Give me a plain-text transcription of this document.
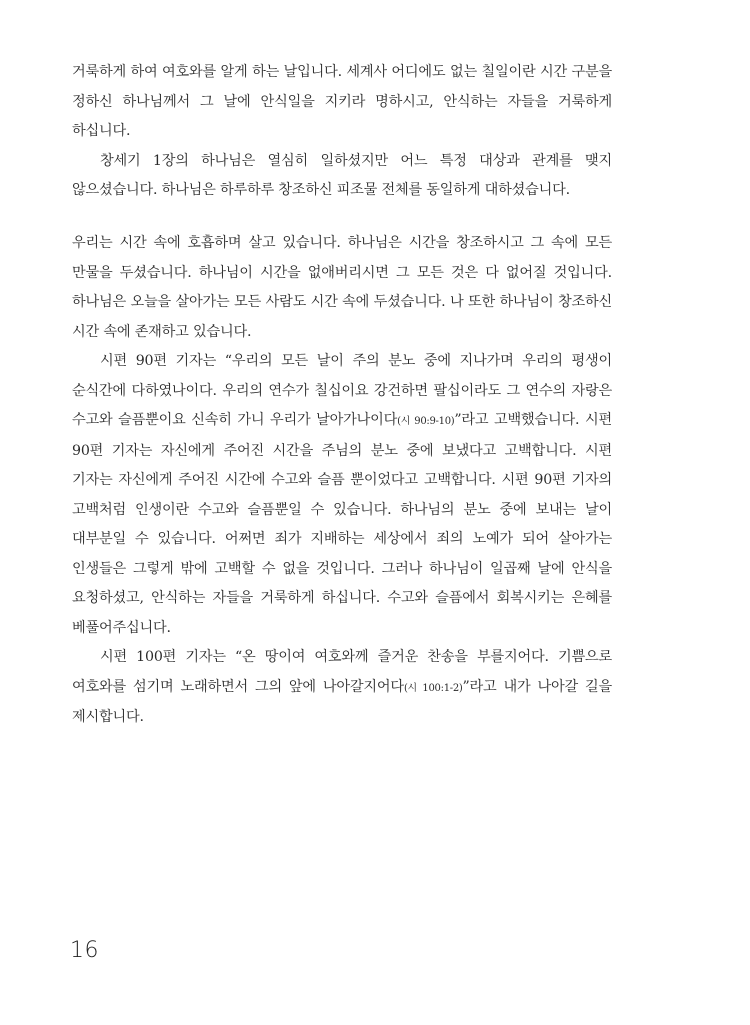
거룩하게 하여 여호와를 알게 하는 날입니다. 세계사 어디에도 없는 칠일이란 시간 구분을 정하신 하나님께서 그 날에 안식일을 지키라 명하시고, 안식하는 자들을 거룩하게 하십니다.

창세기 1장의 하나님은 열심히 일하셨지만 어느 특정 대상과 관계를 맺지 않으셨습니다. 하나님은 하루하루 창조하신 피조물 전체를 동일하게 대하셨습니다.

우리는 시간 속에 호흡하며 살고 있습니다. 하나님은 시간을 창조하시고 그 속에 모든 만물을 두셨습니다. 하나님이 시간을 없애버리시면 그 모든 것은 다 없어질 것입니다. 하나님은 오늘을 살아가는 모든 사람도 시간 속에 두셨습니다. 나 또한 하나님이 창조하신 시간 속에 존재하고 있습니다.

시편 90편 기자는 “우리의 모든 날이 주의 분노 중에 지나가며 우리의 평생이 순식간에 다하였나이다. 우리의 연수가 칠십이요 강건하면 팔십이라도 그 연수의 자랑은 수고와 슬픔뿐이요 신속히 가니 우리가 날아가나이다(시 90:9-10)”라고 고백했습니다. 시편 90편 기자는 자신에게 주어진 시간을 주님의 분노 중에 보냈다고 고백합니다. 시편 기자는 자신에게 주어진 시간에 수고와 슬픔 뿐이었다고 고백합니다. 시편 90편 기자의 고백처럼 인생이란 수고와 슬픔뿐일 수 있습니다. 하나님의 분노 중에 보내는 날이 대부분일 수 있습니다. 어쩌면 죄가 지배하는 세상에서 죄의 노예가 되어 살아가는 인생들은 그렇게 밖에 고백할 수 없을 것입니다. 그러나 하나님이 일곱째 날에 안식을 요청하셨고, 안식하는 자들을 거룩하게 하십니다. 수고와 슬픔에서 회복시키는 은혜를 베풀어주십니다.

시편 100편 기자는 “온 땅이여 여호와께 즐거운 찬송을 부를지어다. 기쁨으로 여호와를 섬기며 노래하면서 그의 앞에 나아갈지어다(시 100:1-2)”라고 내가 나아갈 길을 제시합니다.

16
